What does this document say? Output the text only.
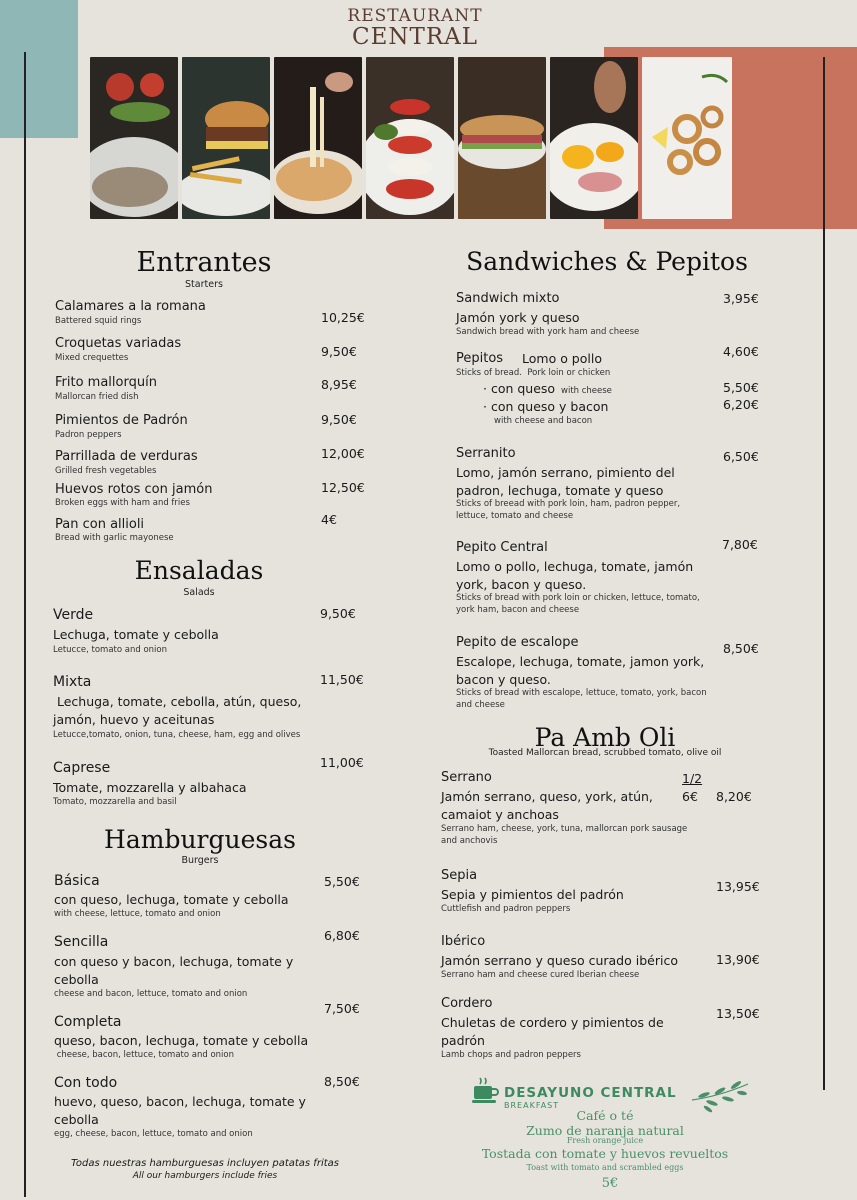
RESTAURANT
CENTRAL
Entrantes
Starters
Calamares a la romana
Battered squid rings	10,25€
Croquetas variadas
Mixed crequettes	9,50€
Frito mallorquín
Mallorcan fried dish
8,95€
Pimientos de Padrón
Padron peppers
9,50€
Parrillada de verduras
Grilled fresh vegetables
12,00€
Huevos rotos con jamón
Broken eggs with ham and fries
12,50€
Pan con allioli
Bread with garlic mayonese
4€
Ensaladas
Salads
Verde
Lechuga, tomate y cebolla
Letucce, tomato and onion
9,50€
Mixta
Lechuga, tomate, cebolla, atún, queso,
jamón, huevo y aceitunas
Letucce,tomato, onion, tuna, cheese, ham, egg and olives
11,50€
Caprese
Tomate, mozzarella y albahaca
Tomato, mozzarella and basil
11,00€
Hamburguesas
Burgers
Básica
con queso, lechuga, tomate y cebolla
with cheese, lettuce, tomato and onion
5,50€
Sencilla
con queso y bacon, lechuga, tomate y
cebolla
cheese and bacon, lettuce, tomato and onion
6,80€
Completa
queso, bacon, lechuga, tomate y cebolla
cheese, bacon, lettuce, tomato and onion
7,50€
Con todo
huevo, queso, bacon, lechuga, tomate y
cebolla
egg, cheese, bacon, lettuce, tomato and onion
8,50€
Todas nuestras hamburguesas incluyen patatas fritas
All our hamburgers include fries
Sandwiches & Pepitos
Sandwich mixto
Jamón york y queso
Sandwich bread with york ham and cheese
3,95€
Pepitos Lomo o pollo
Sticks of bread.  Pork loin or chicken
4,60€
· con queso with cheese	5,50€
· con queso y bacon
with cheese and bacon
6,20€
Serranito
Lomo, jamón serrano, pimiento del
padron, lechuga, tomate y queso
Sticks of breead with pork loin, ham, padron pepper,
lettuce, tomato and cheese
6,50€
Pepito Central
Lomo o pollo, lechuga, tomate, jamón
york, bacon y queso.
Sticks of bread with pork loin or chicken, lettuce, tomato,
york ham, bacon and cheese
7,80€
Pepito de escalope
Escalope, lechuga, tomate, jamon york,
bacon y queso.
Sticks of bread with escalope, lettuce, tomato, york, bacon
and cheese
8,50€
Pa Amb Oli
Toasted Mallorcan bread, scrubbed tomato, olive oil
Serrano	1/2
6€ 8,20€
Jamón serrano, queso, york, atún,
camaiot y anchoas
Serrano ham, cheese, york, tuna, mallorcan pork sausage
and anchovis
Sepia
Sepia y pimientos del padrón
Cuttlefish and padron peppers
13,95€
Ibérico
Jamón serrano y queso curado ibérico
Serrano ham and cheese cured Iberian cheese
13,90€
Cordero
Chuletas de cordero y pimientos de
padrón
Lamb chops and padron peppers
13,50€
DESAYUNO CENTRAL
BREAKFAST
Café o té
Zumo de naranja natural
Fresh orange juice
Tostada con tomate y huevos revueltos
Toast with tomato and scrambled eggs
5€
